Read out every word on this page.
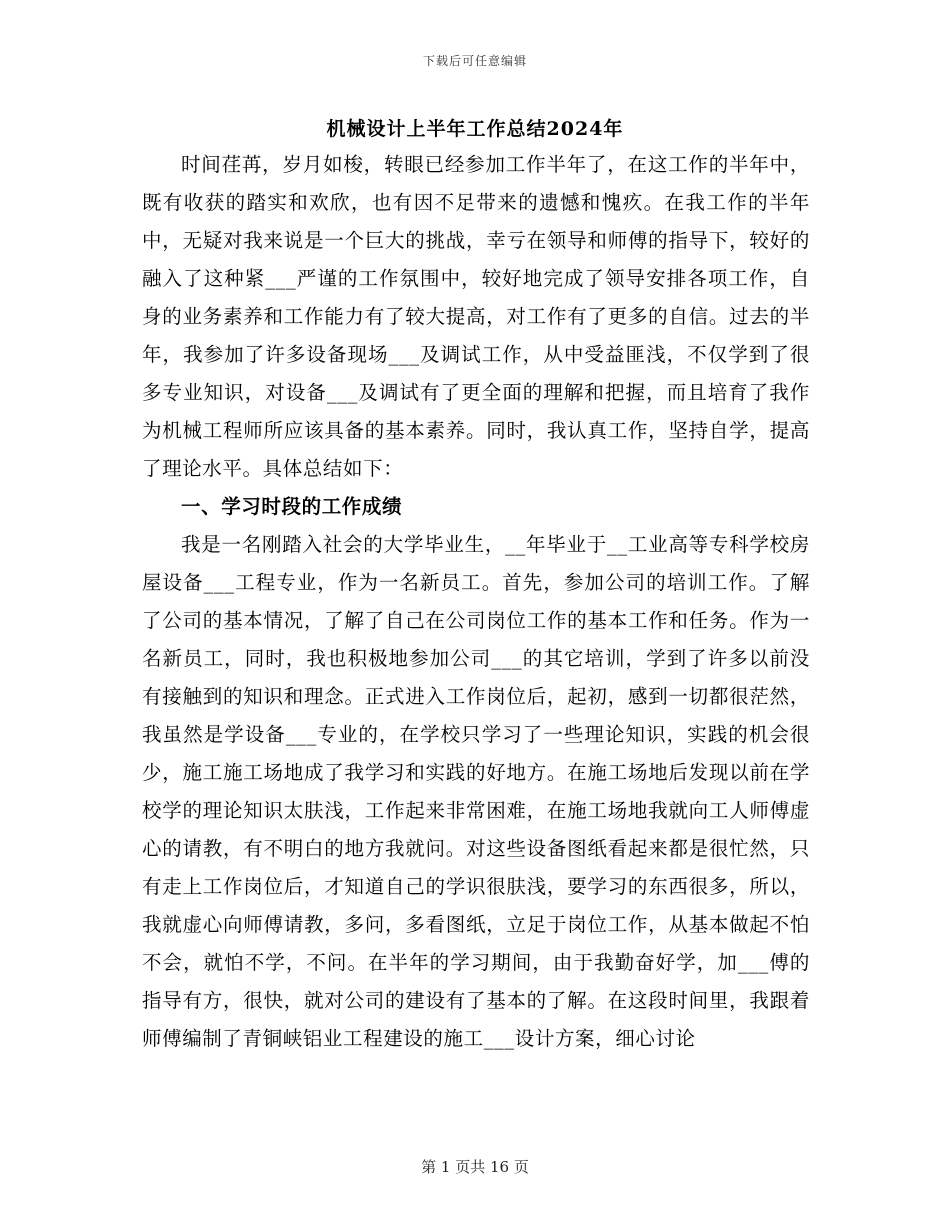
下载后可任意编辑
机械设计上半年工作总结2024年

时间荏苒，岁月如梭，转眼已经参加工作半年了，在这工作的半年中，既有收获的踏实和欢欣，也有因不足带来的遗憾和愧疚。在我工作的半年中，无疑对我来说是一个巨大的挑战，幸亏在领导和师傅的指导下，较好的融入了这种紧___严谨的工作氛围中，较好地完成了领导安排各项工作，自身的业务素养和工作能力有了较大提高，对工作有了更多的自信。过去的半年，我参加了许多设备现场___及调试工作，从中受益匪浅，不仅学到了很多专业知识，对设备___及调试有了更全面的理解和把握，而且培育了我作为机械工程师所应该具备的基本素养。同时，我认真工作，坚持自学，提高了理论水平。具体总结如下：

一、学习时段的工作成绩

我是一名刚踏入社会的大学毕业生，__年毕业于__工业高等专科学校房屋设备___工程专业，作为一名新员工。首先，参加公司的培训工作。了解了公司的基本情况，了解了自己在公司岗位工作的基本工作和任务。作为一名新员工，同时，我也积极地参加公司___的其它培训，学到了许多以前没有接触到的知识和理念。正式进入工作岗位后，起初，感到一切都很茫然，我虽然是学设备___专业的，在学校只学习了一些理论知识，实践的机会很少，施工施工场地成了我学习和实践的好地方。在施工场地后发现以前在学校学的理论知识太肤浅，工作起来非常困难，在施工场地我就向工人师傅虚心的请教，有不明白的地方我就问。对这些设备图纸看起来都是很忙然，只有走上工作岗位后，才知道自己的学识很肤浅，要学习的东西很多，所以，我就虚心向师傅请教，多问，多看图纸，立足于岗位工作，从基本做起不怕不会，就怕不学，不问。在半年的学习期间，由于我勤奋好学，加___傅的指导有方，很快，就对公司的建设有了基本的了解。在这段时间里，我跟着师傅编制了青铜峡铝业工程建设的施工___设计方案，细心讨论

第 1 页共 16 页
